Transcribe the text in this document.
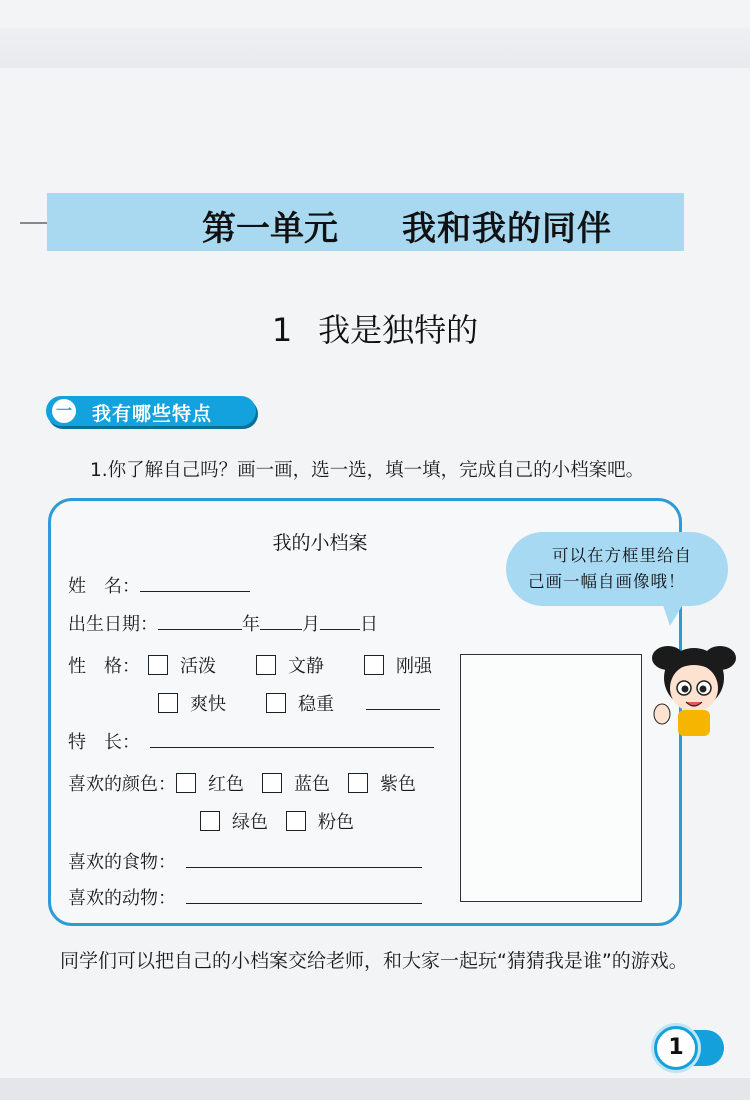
第一单元 我和我的同伴
1 我是独特的
一 我有哪些特点
1.你了解自己吗？画一画，选一选，填一填，完成自己的小档案吧。
我的小档案
姓　名：
出生日期：	年 月 日
性　格： 活泼	文静	刚强
爽快	稳重
特　长：
喜欢的颜色： 红色	蓝色	紫色
绿色	粉色
喜欢的食物：
喜欢的动物：
可以在方框里给自
己画一幅自画像哦！
同学们可以把自己的小档案交给老师，和大家一起玩“猜猜我是谁”的游戏。
1
